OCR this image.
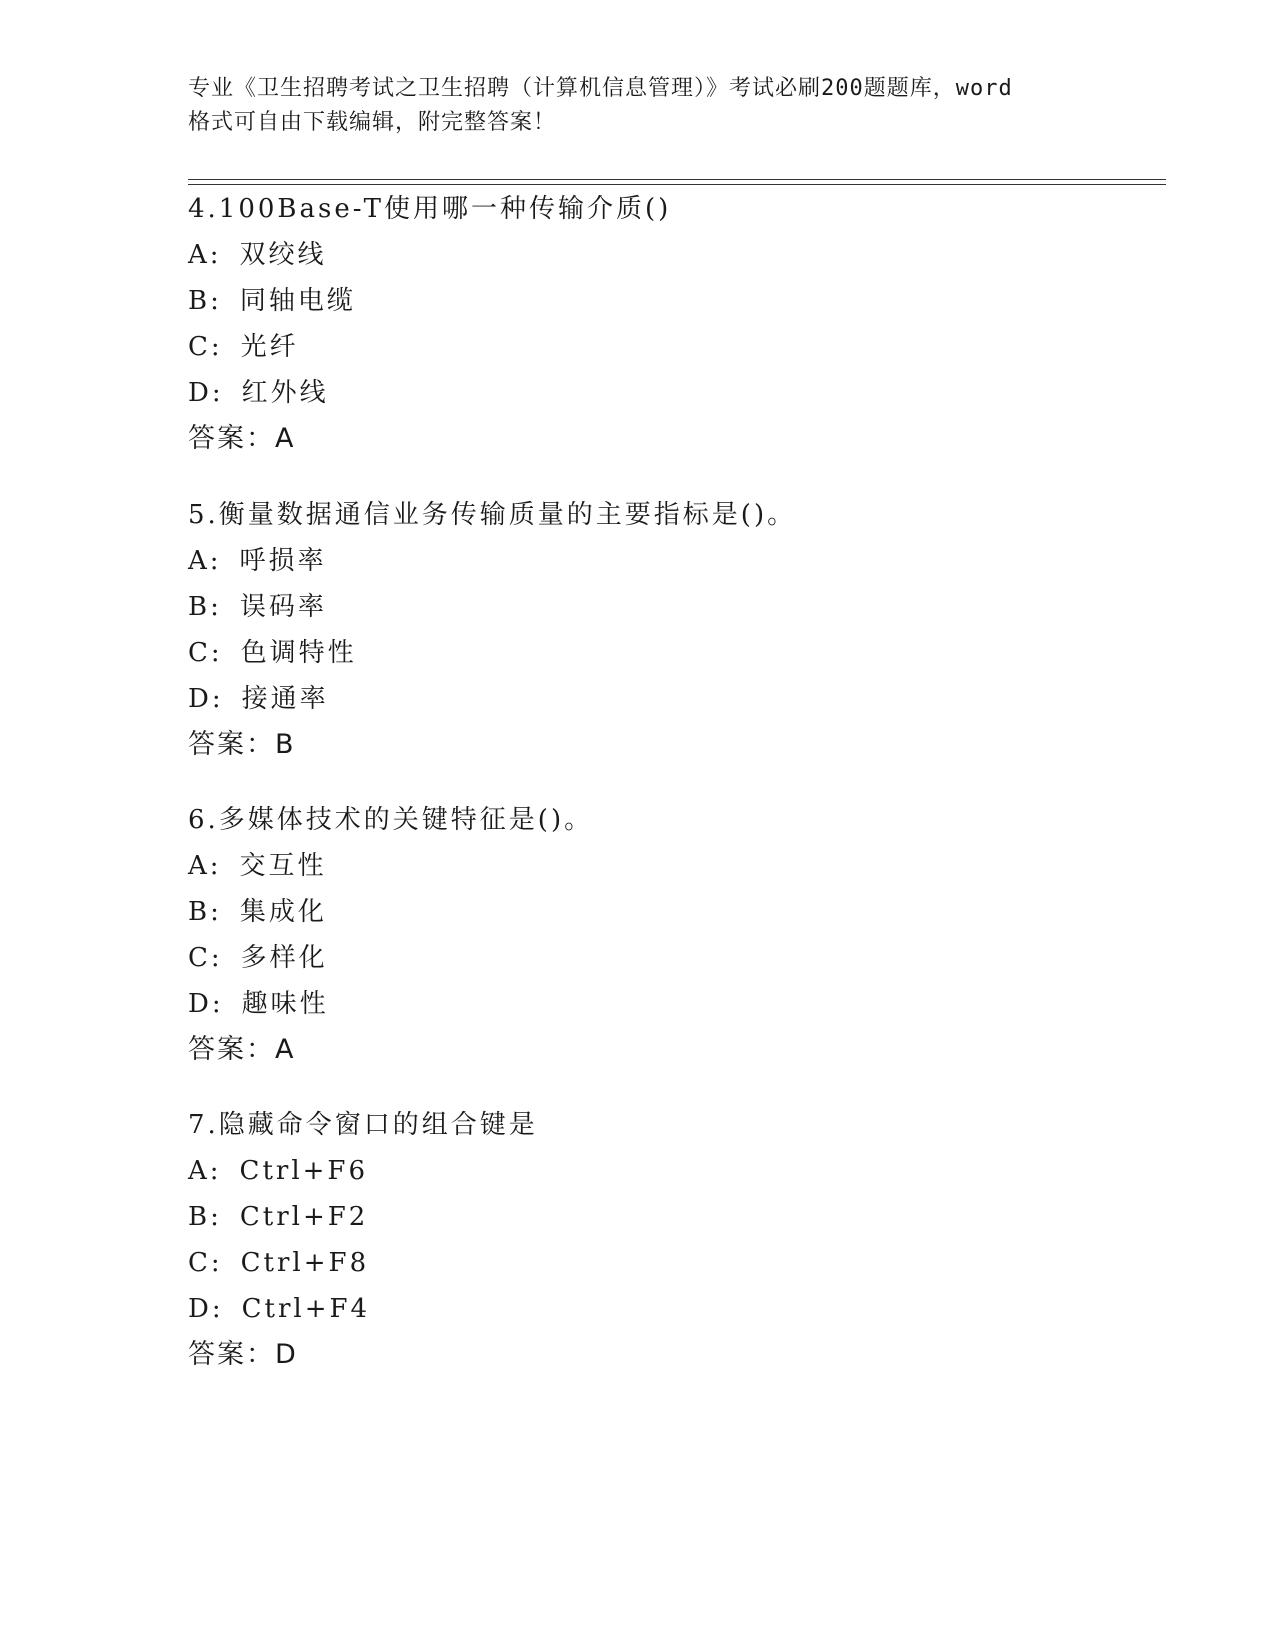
专业《卫生招聘考试之卫生招聘（计算机信息管理）》考试必刷200题题库，word
格式可自由下载编辑，附完整答案！
4.100Base-T使用哪一种传输介质()
A: 双绞线
B: 同轴电缆
C: 光纤
D: 红外线
答案：A
5.衡量数据通信业务传输质量的主要指标是()。
A: 呼损率
B: 误码率
C: 色调特性
D: 接通率
答案：B
6.多媒体技术的关键特征是()。
A: 交互性
B: 集成化
C: 多样化
D: 趣味性
答案：A
7.隐藏命令窗口的组合键是
A: Ctrl+F6
B: Ctrl+F2
C: Ctrl+F8
D: Ctrl+F4
答案：D
